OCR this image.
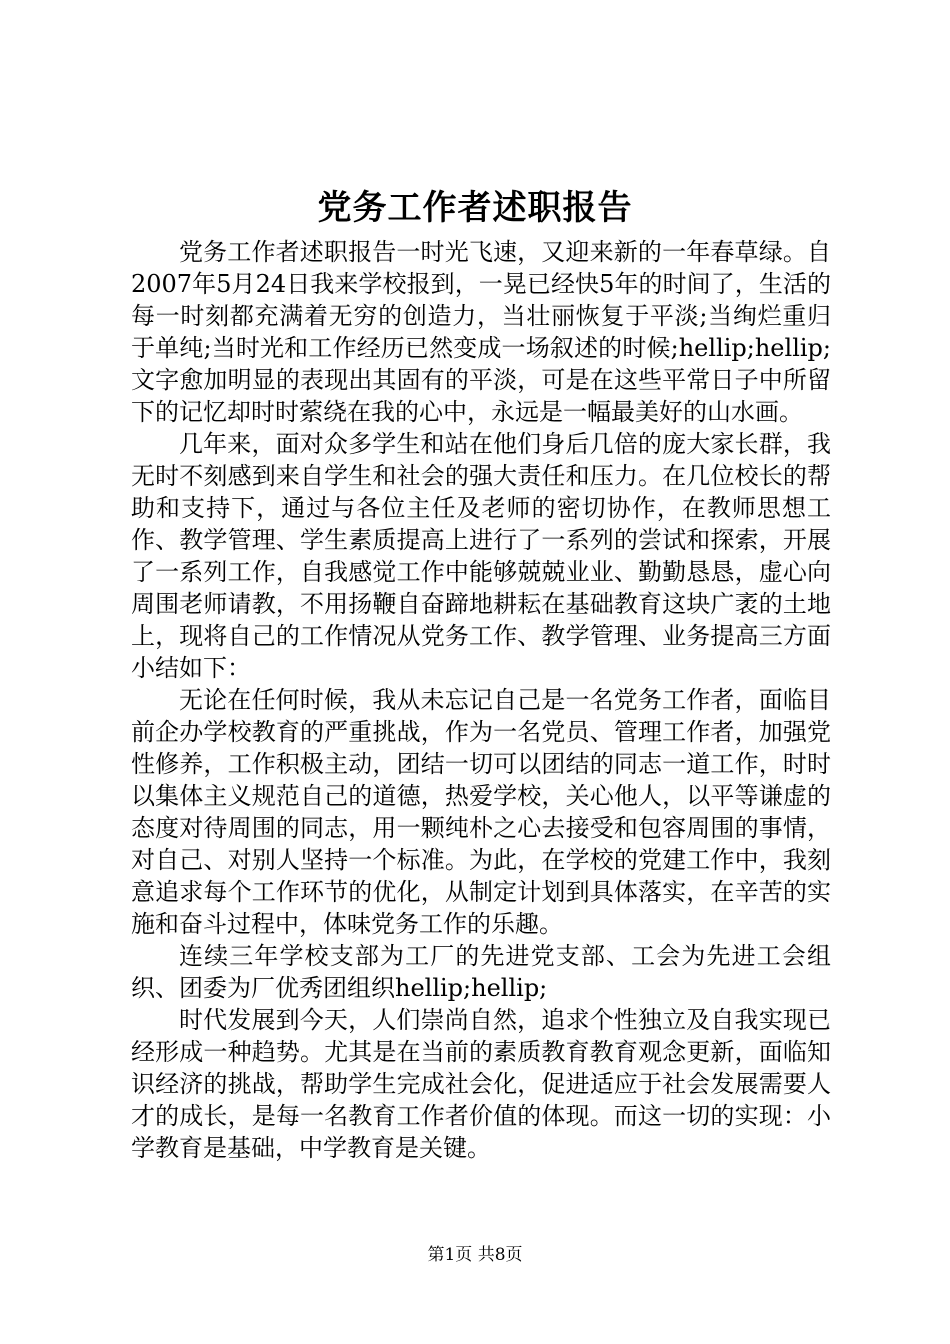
党务工作者述职报告

党务工作者述职报告一时光飞速，又迎来新的一年春草绿。自2007年5月24日我来学校报到，一晃已经快5年的时间了，生活的每一时刻都充满着无穷的创造力，当壮丽恢复于平淡;当绚烂重归于单纯;当时光和工作经历已然变成一场叙述的时候;hellip;hellip;文字愈加明显的表现出其固有的平淡，可是在这些平常日子中所留下的记忆却时时萦绕在我的心中，永远是一幅最美好的山水画。

几年来，面对众多学生和站在他们身后几倍的庞大家长群，我无时不刻感到来自学生和社会的强大责任和压力。在几位校长的帮助和支持下，通过与各位主任及老师的密切协作，在教师思想工作、教学管理、学生素质提高上进行了一系列的尝试和探索，开展了一系列工作，自我感觉工作中能够兢兢业业、勤勤恳恳，虚心向周围老师请教，不用扬鞭自奋蹄地耕耘在基础教育这块广袤的土地上，现将自己的工作情况从党务工作、教学管理、业务提高三方面小结如下：

无论在任何时候，我从未忘记自己是一名党务工作者，面临目前企办学校教育的严重挑战，作为一名党员、管理工作者，加强党性修养，工作积极主动，团结一切可以团结的同志一道工作，时时以集体主义规范自己的道德，热爱学校，关心他人，以平等谦虚的态度对待周围的同志，用一颗纯朴之心去接受和包容周围的事情，对自己、对别人坚持一个标准。为此，在学校的党建工作中，我刻意追求每个工作环节的优化，从制定计划到具体落实，在辛苦的实施和奋斗过程中，体味党务工作的乐趣。

连续三年学校支部为工厂的先进党支部、工会为先进工会组织、团委为厂优秀团组织hellip;hellip;

时代发展到今天，人们崇尚自然，追求个性独立及自我实现已经形成一种趋势。尤其是在当前的素质教育教育观念更新，面临知识经济的挑战，帮助学生完成社会化，促进适应于社会发展需要人才的成长，是每一名教育工作者价值的体现。而这一切的实现：小学教育是基础，中学教育是关键。

第1页 共8页
